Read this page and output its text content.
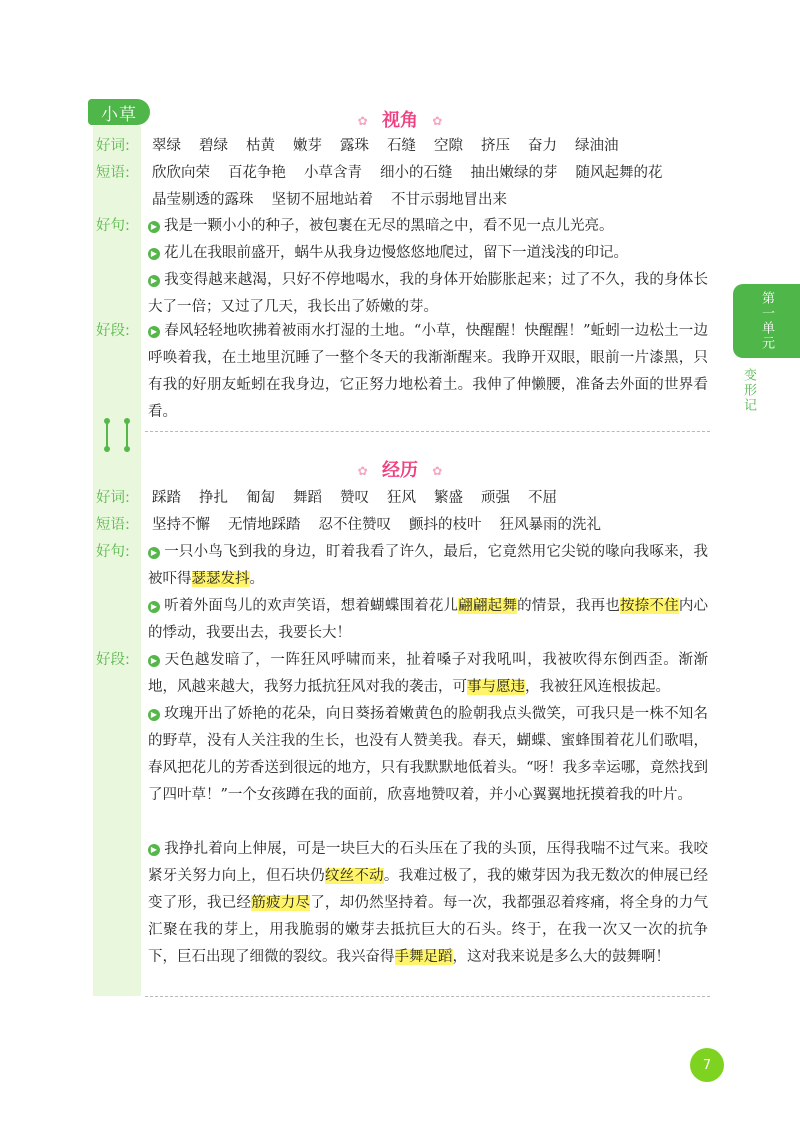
小草
第一单元
变形记
✿ 视角 ✿
好词:	翠绿 碧绿 枯黄 嫩芽 露珠 石缝 空隙 挤压 奋力 绿油油
短语:	欣欣向荣 百花争艳 小草含青 细小的石缝 抽出嫩绿的芽 随风起舞的花
晶莹剔透的露珠 坚韧不屈地站着 不甘示弱地冒出来
好句:	▶ 我是一颗小小的种子，被包裹在无尽的黑暗之中，看不见一点儿光亮。
▶ 花儿在我眼前盛开，蜗牛从我身边慢悠悠地爬过，留下一道浅浅的印记。
▶ 我变得越来越渴，只好不停地喝水，我的身体开始膨胀起来；过了不久，我的身体长大了一倍；又过了几天，我长出了娇嫩的芽。
好段:	▶ 春风轻轻地吹拂着被雨水打湿的土地。“小草，快醒醒！快醒醒！”蚯蚓一边松土一边呼唤着我，在土地里沉睡了一整个冬天的我渐渐醒来。我睁开双眼，眼前一片漆黑，只有我的好朋友蚯蚓在我身边，它正努力地松着土。我伸了伸懒腰，准备去外面的世界看看。
✿ 经历 ✿
好词:	踩踏 挣扎 匍匐 舞蹈 赞叹 狂风 繁盛 顽强 不屈
短语:	坚持不懈 无情地踩踏 忍不住赞叹 颤抖的枝叶 狂风暴雨的洗礼
好句:	▶ 一只小鸟飞到我的身边，盯着我看了许久，最后，它竟然用它尖锐的喙向我啄来，我被吓得瑟瑟发抖。
▶ 听着外面鸟儿的欢声笑语，想着蝴蝶围着花儿翩翩起舞的情景，我再也按捺不住内心的悸动，我要出去，我要长大！
好段:	▶ 天色越发暗了，一阵狂风呼啸而来，扯着嗓子对我吼叫，我被吹得东倒西歪。渐渐地，风越来越大，我努力抵抗狂风对我的袭击，可事与愿违，我被狂风连根拔起。
▶ 玫瑰开出了娇艳的花朵，向日葵扬着嫩黄色的脸朝我点头微笑，可我只是一株不知名的野草，没有人关注我的生长，也没有人赞美我。春天，蝴蝶、蜜蜂围着花儿们歌唱，春风把花儿的芳香送到很远的地方，只有我默默地低着头。“呀！我多幸运哪，竟然找到了四叶草！”一个女孩蹲在我的面前，欣喜地赞叹着，并小心翼翼地抚摸着我的叶片。
▶ 我挣扎着向上伸展，可是一块巨大的石头压在了我的头顶，压得我喘不过气来。我咬紧牙关努力向上，但石块仍纹丝不动。我难过极了，我的嫩芽因为我无数次的伸展已经变了形，我已经筋疲力尽了，却仍然坚持着。每一次，我都强忍着疼痛，将全身的力气汇聚在我的芽上，用我脆弱的嫩芽去抵抗巨大的石头。终于，在我一次又一次的抗争下，巨石出现了细微的裂纹。我兴奋得手舞足蹈，这对我来说是多么大的鼓舞啊！
7
